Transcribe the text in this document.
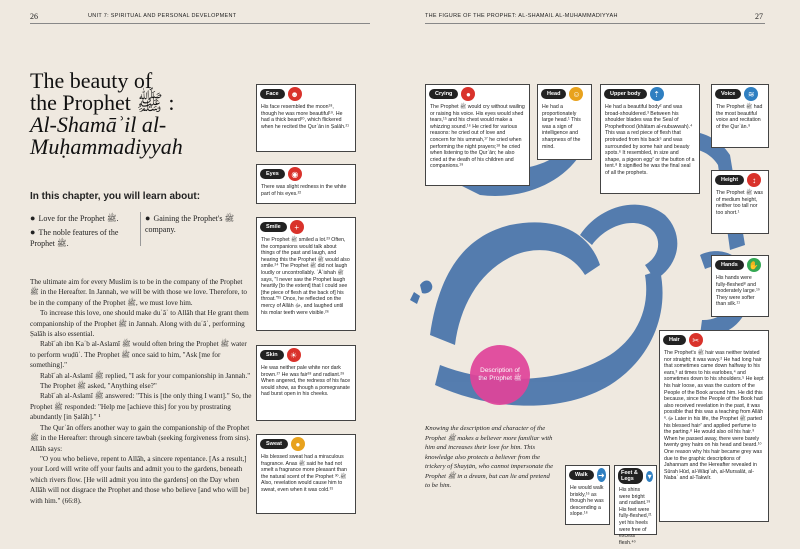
26	UNIT 7: SPIRITUAL AND PERSONAL DEVELOPMENT
The beauty of
the Prophet ﷺ :
Al-Shamāʾil al-
Muḥammadiyyah
In this chapter, you will learn about:
● Love for the Prophet ﷺ.
● The noble features of the Prophet ﷺ.
● Gaining the Prophet's ﷺ company.

The ultimate aim for every Muslim is to be in the company of the Prophet ﷺ in the Hereafter. In Jannah, we will be with those we love. Therefore, to be in the company of the Prophet ﷺ, we must love him.

To increase this love, one should make duʿāʾ to Allāh that He grant them companionship of the Prophet ﷺ in Jannah. Along with duʿāʾ, performing Ṣalāh is also essential.

Rabīʿah ibn Kaʿb al-Aslamī ﷺ would often bring the Prophet ﷺ water to perform wuḍūʾ. The Prophet ﷺ once said to him, "Ask [me for something]."

Rabīʿah al-Aslamī ﷺ replied, "I ask for your companionship in Jannah."

The Prophet ﷺ asked, "Anything else?"

Rabīʿah al-Aslamī ﷺ answered: "This is [the only thing I want]." So, the Prophet ﷺ responded: "Help me [achieve this] for you by prostrating abundantly [in Ṣalāh]." ¹

The Qurʾān offers another way to gain the companionship of the Prophet ﷺ in the Hereafter: through sincere tawbah (seeking forgiveness from sins). Allāh says:

"O you who believe, repent to Allāh, a sincere repentance. [As a result,] your Lord will write off your faults and admit you to the gardens, beneath which rivers flow. [He will admit you into the gardens] on the Day when Allāh will not disgrace the Prophet and those who believe [and who will be] with him." (66:8).

Face	☻
His face resembled the moon¹⁸, though he was more beautiful¹⁹. He had a thick beard²⁰, which flickered when he recited the Qurʾān in Ṣalāh.²¹
Eyes	◉
There was slight redness in the white part of his eyes.²²
Smile	+
The Prophet ﷺ smiled a lot.²³ Often, the companions would talk about things of the past and laugh, and hearing this the Prophet ﷺ would also smile.²⁴ The Prophet ﷺ did not laugh loudly or uncontrollably. ʿĀʾishah ﷺ says, "I never saw the Prophet laugh heartily [to the extent] that I could see [the piece of flesh at the back of] his throat."²⁵ Once, he reflected on the mercy of Allāh ﷻ, and laughed until his molar teeth were visible.²⁶
Skin	☀
He was neither pale white nor dark brown.²⁷ He was fair²⁸ and radiant.²⁹ When angered, the redness of his face would show, as though a pomegranate had burst open in his cheeks.
Sweat	●
His blessed sweat had a miraculous fragrance. Anas ﷺ said he had not smelt a fragrance more pleasant than the natural scent of the Prophet ﷺ.³⁰ Also, revelation would cause him to sweat, even when it was cold.³¹
THE FIGURE OF THE PROPHET: AL-SHAMAIL AL-MUHAMMADIYYAH	27
Description of
the Prophet ﷺ
Knowing the description and character of the Prophet ﷺ makes a believer more familiar with him and increases their love for him. This knowledge also protects a believer from the trickery of Shayṭān, who cannot impersonate the Prophet ﷺ in a dream, but can lie and pretend to be him.
Crying	●
The Prophet ﷺ would cry without wailing or raising his voice. His eyes would shed tears,¹⁵ and his chest would make a whizzing sound.¹⁶ He cried for various reasons: he cried out of love and concern for his ummah,¹⁷ he cried when performing the night prayers;¹⁸ he cried when listening to the Qurʾān; he also cried at the death of his children and companions.¹⁹
Head	☺
He had a proportionately large head.¹ This was a sign of intelligence and sharpness of the mind.
Upper body	⇡
He had a beautiful body² and was broad-shouldered.³ Between his shoulder blades was the Seal of Prophethood (khātam al-nubuwwah).⁴ This was a red piece of flesh that protruded from his back⁵ and was surrounded by some hair and beauty spots.⁶ It resembled, in size and shape, a pigeon egg⁷ or the button of a tent.⁸ It signified he was the final seal of all the prophets.
Voice	≋
The Prophet ﷺ had the most beautiful voice and recitation of the Qurʾān.⁹
Height	↕
The Prophet ﷺ was of medium height, neither too tall nor too short.¹
Hands	✋
His hands were fully-fleshed⁸ and moderately large.¹⁰ They were softer than silk.¹¹
Hair	✂
The Prophet's ﷺ hair was neither twisted nor straight; it was wavy.² He had long hair that sometimes came down halfway to his ears,³ at times to his earlobes,⁴ and sometimes down to his shoulders.⁵ He kept his hair loose, as was the custom of the People of the Book around him. He did this because, since the People of the Book had also received revelation in the past, it was possible that this was a teaching from Allāh ﷻ.⁶ Later in his life, the Prophet ﷺ parted his blessed hair⁷ and applied perfume to the parting.⁸ He would also oil his hair.⁹ When he passed away, there were barely twenty grey hairs on his head and beard.¹⁰ One reason why his hair became grey was due to the graphic descriptions of Jahannam and the Hereafter revealed in Sūrah Hūd, al-Wāqiʿah, al-Mursalāt, al-Nabaʾ and al-Takwīr.
Walk	➜
He would walk briskly,¹⁶ as though he was descending a slope.¹⁶
Feet & Legs	▾
His shins were bright and radiant.¹⁹ His feet were fully-fleshed,²¹ yet his heels were free of excess flesh.⁴⁰
